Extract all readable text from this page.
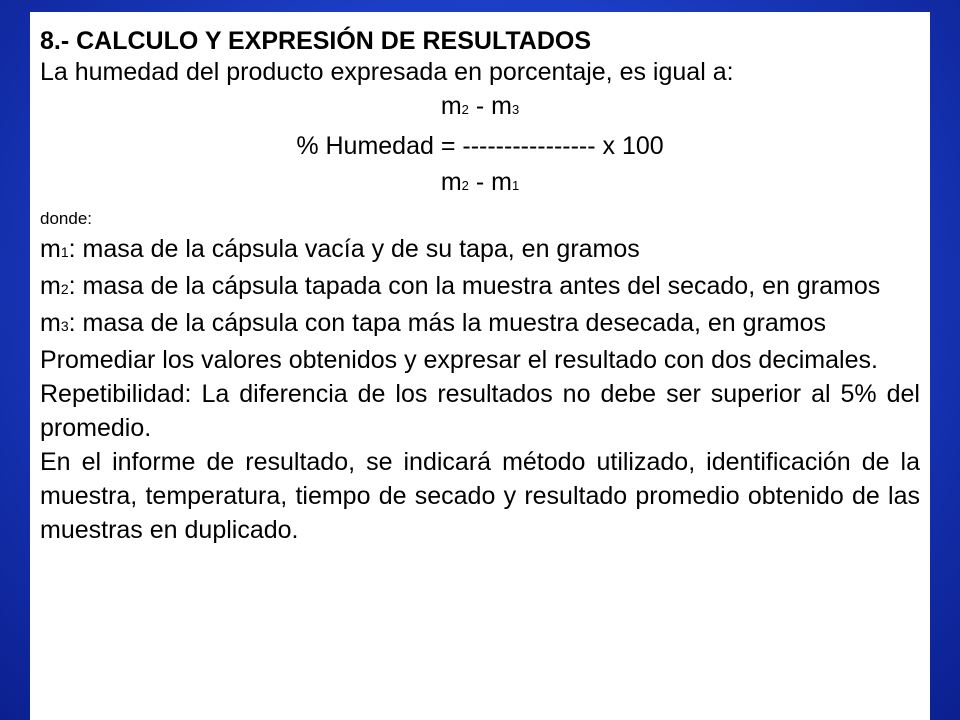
8.- CALCULO Y EXPRESIÓN DE RESULTADOS

La humedad del producto expresada en porcentaje, es igual a:

m2 - m3

% Humedad = ---------------- x 100

m2 - m1

donde:

m1: masa de la cápsula vacía y de su tapa, en gramos

m2: masa de la cápsula tapada con la muestra antes del secado, en gramos

m3: masa de la cápsula con tapa más la muestra desecada, en gramos

Promediar los valores obtenidos y expresar el resultado con dos decimales.

Repetibilidad: La diferencia de los resultados no debe ser superior al 5% del promedio.

En el informe de resultado, se indicará método utilizado, identificación de la muestra, temperatura, tiempo de secado y resultado promedio obtenido de las muestras en duplicado.
